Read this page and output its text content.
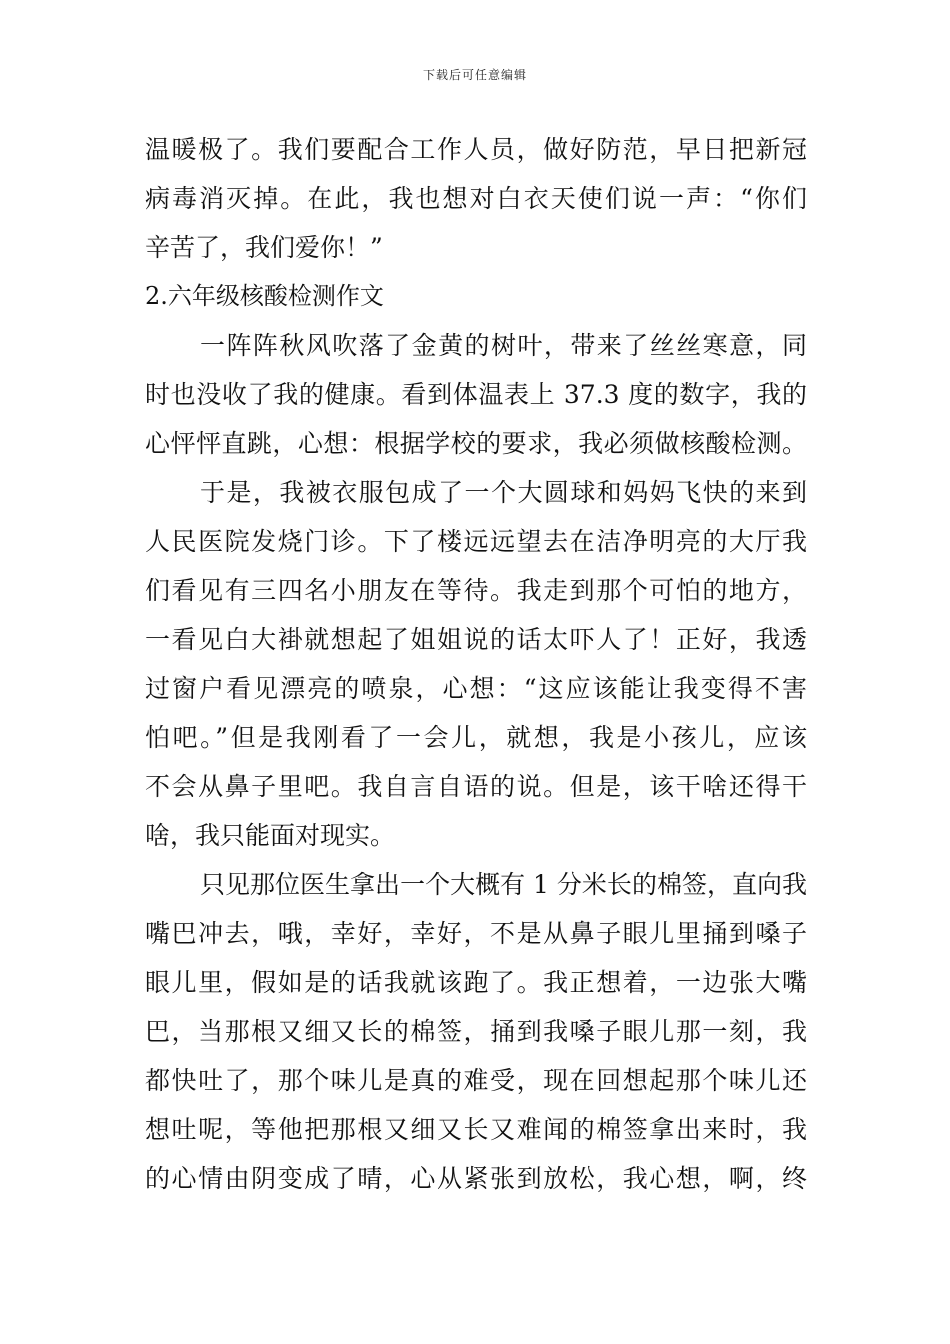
下载后可任意编辑
温暖极了。我们要配合工作人员，做好防范，早日把新冠
病毒消灭掉。在此，我也想对白衣天使们说一声：“你们
辛苦了，我们爱你！”
2.六年级核酸检测作文
一阵阵秋风吹落了金黄的树叶，带来了丝丝寒意，同
时也没收了我的健康。看到体温表上 37.3 度的数字，我的
心怦怦直跳，心想：根据学校的要求，我必须做核酸检测。
于是，我被衣服包成了一个大圆球和妈妈飞快的来到
人民医院发烧门诊。下了楼远远望去在洁净明亮的大厅我
们看见有三四名小朋友在等待。我走到那个可怕的地方，
一看见白大褂就想起了姐姐说的话太吓人了！正好，我透
过窗户看见漂亮的喷泉，心想：“这应该能让我变得不害
怕吧。”但是我刚看了一会儿，就想，我是小孩儿，应该
不会从鼻子里吧。我自言自语的说。但是，该干啥还得干
啥，我只能面对现实。
只见那位医生拿出一个大概有 1 分米长的棉签，直向我
嘴巴冲去，哦，幸好，幸好，不是从鼻子眼儿里捅到嗓子
眼儿里，假如是的话我就该跑了。我正想着，一边张大嘴
巴，当那根又细又长的棉签，捅到我嗓子眼儿那一刻，我
都快吐了，那个味儿是真的难受，现在回想起那个味儿还
想吐呢，等他把那根又细又长又难闻的棉签拿出来时，我
的心情由阴变成了晴，心从紧张到放松，我心想，啊，终
